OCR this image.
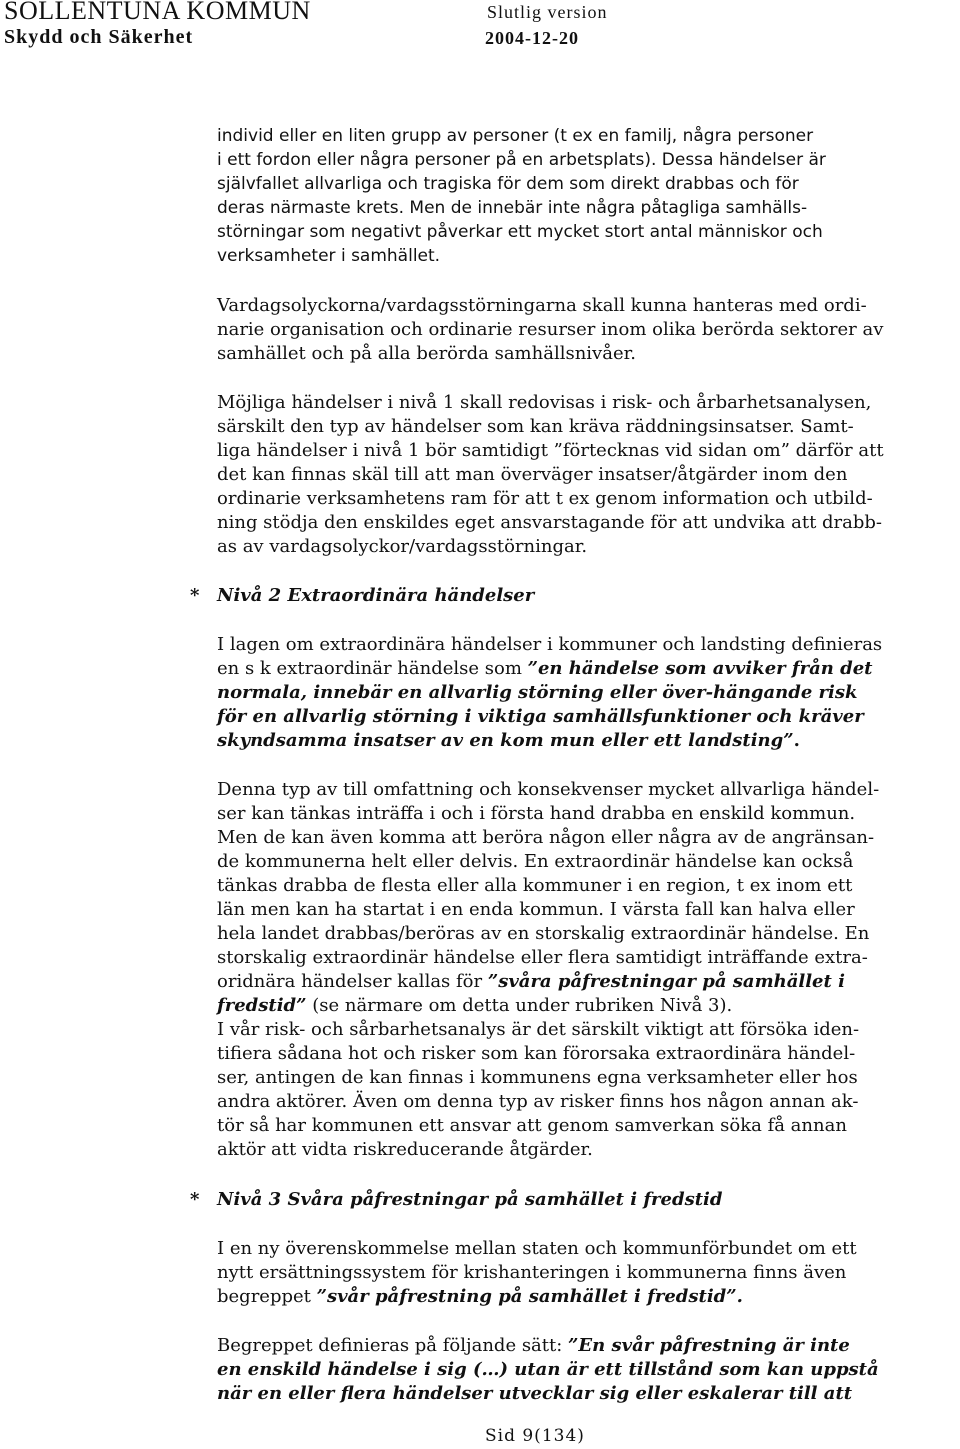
SOLLENTUNA KOMMUN
Skydd och Säkerhet
Slutlig version
2004-12-20
individ eller en liten grupp av personer (t ex en familj, några personer
i ett fordon eller några personer på en arbetsplats). Dessa händelser är
självfallet allvarliga och tragiska för dem som direkt drabbas och för
deras närmaste krets. Men de innebär inte några påtagliga samhälls-
störningar som negativt påverkar ett mycket stort antal människor och
verksamheter i samhället.
Vardagsolyckorna/vardagsstörningarna skall kunna hanteras med ordi-
narie organisation och ordinarie resurser inom olika berörda sektorer av
samhället och på alla berörda samhällsnivåer.
Möjliga händelser i nivå 1 skall redovisas i risk- och årbarhetsanalysen,
särskilt den typ av händelser som kan kräva räddningsinsatser. Samt-
liga händelser i nivå 1 bör samtidigt ”förtecknas vid sidan om” därför att
det kan finnas skäl till att man överväger insatser/åtgärder inom den
ordinarie verksamhetens ram för att t ex genom information och utbild-
ning stödja den enskildes eget ansvarstagande för att undvika att drabb-
as av vardagsolyckor/vardagsstörningar.
* Nivå 2 Extraordinära händelser
I lagen om extraordinära händelser i kommuner och landsting definieras
en s k extraordinär händelse som ”en händelse som avviker från det
normala, innebär en allvarlig störning eller över-hängande risk
för en allvarlig störning i viktiga samhällsfunktioner och kräver
skyndsamma insatser av en kom mun eller ett landsting”.
Denna typ av till omfattning och konsekvenser mycket allvarliga händel-
ser kan tänkas inträffa i och i första hand drabba en enskild kommun.
Men de kan även komma att beröra någon eller några av de angränsan-
de kommunerna helt eller delvis. En extraordinär händelse kan också
tänkas drabba de flesta eller alla kommuner i en region, t ex inom ett
län men kan ha startat i en enda kommun. I värsta fall kan halva eller
hela landet drabbas/beröras av en storskalig extraordinär händelse. En
storskalig extraordinär händelse eller flera samtidigt inträffande extra-
oridnära händelser kallas för ”svåra påfrestningar på samhället i
fredstid” (se närmare om detta under rubriken Nivå 3).
I vår risk- och sårbarhetsanalys är det särskilt viktigt att försöka iden-
tifiera sådana hot och risker som kan förorsaka extraordinära händel-
ser, antingen de kan finnas i kommunens egna verksamheter eller hos
andra aktörer. Även om denna typ av risker finns hos någon annan ak-
tör så har kommunen ett ansvar att genom samverkan söka få annan
aktör att vidta riskreducerande åtgärder.
* Nivå 3 Svåra påfrestningar på samhället i fredstid
I en ny överenskommelse mellan staten och kommunförbundet om ett
nytt ersättningssystem för krishanteringen i kommunerna finns även
begreppet ”svår påfrestning på samhället i fredstid”.
Begreppet definieras på följande sätt: ”En svår påfrestning är inte
en enskild händelse i sig (…) utan är ett tillstånd som kan uppstå
när en eller flera händelser utvecklar sig eller eskalerar till att
Sid 9(134)
